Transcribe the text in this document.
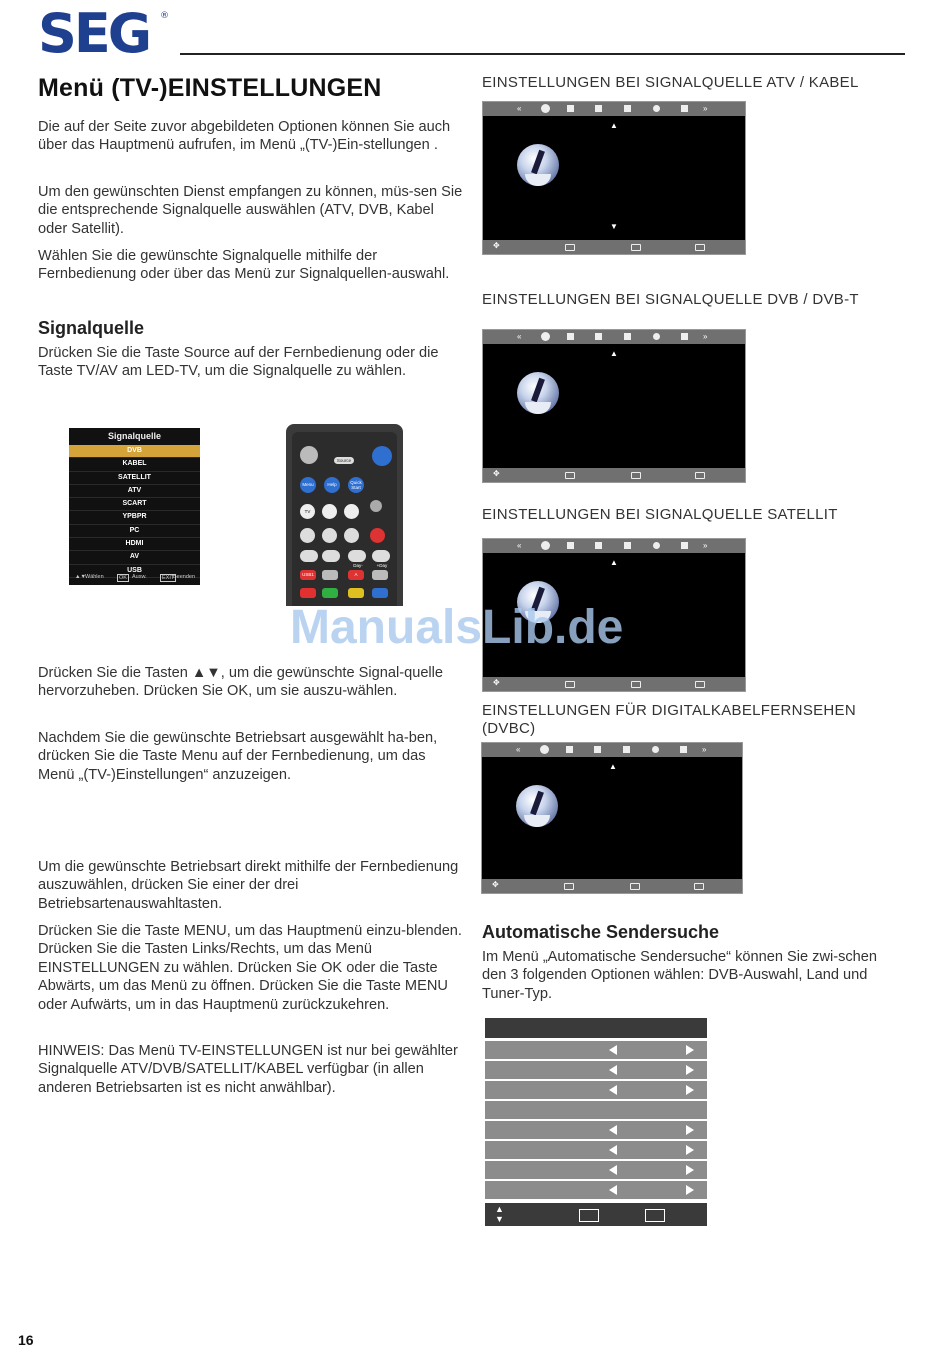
SEG ®
Menü (TV-)EINSTELLUNGEN

Die auf der Seite zuvor abgebildeten Optionen können Sie auch über das Hauptmenü aufrufen, im Menü „(TV-)Ein-stellungen .

Um den gewünschten Dienst empfangen zu können, müs-sen Sie die entsprechende Signalquelle auswählen (ATV, DVB, Kabel oder Satellit).

Wählen Sie die gewünschte Signalquelle mithilfe der Fernbedienung oder über das Menü zur Signalquellen-auswahl.

Signalquelle

Drücken Sie die Taste Source auf der Fernbedienung oder die Taste TV/AV am LED-TV, um die Signalquelle zu wählen.

Signalquelle
DVB
KABEL
SATELLIT
ATV
SCART
YPBPR
PC
HDMI
AV
USB
▲▼ Wählen	OK Ausw.	EXIT
Beenden
Source
Menu	Help	Quick Start
TV
Day-	+Day
USB1	A

Drücken Sie die Tasten ▲▼, um die gewünschte Signal-quelle hervorzuheben. Drücken Sie OK, um sie auszu-wählen.

Nachdem Sie die gewünschte Betriebsart ausgewählt ha-ben, drücken Sie die Taste Menu auf der Fernbedienung, um das Menü „(TV-)Einstellungen“ anzuzeigen.

Um die gewünschte Betriebsart direkt mithilfe der Fernbedienung auszuwählen, drücken Sie einer der drei Betriebsartenauswahltasten.

Drücken Sie die Taste MENU, um das Hauptmenü einzu-blenden. Drücken Sie die Tasten Links/Rechts, um das Menü EINSTELLUNGEN zu wählen. Drücken Sie OK oder die Taste Abwärts, um das Menü zu öffnen. Drücken Sie die Taste MENU oder Aufwärts, um in das Hauptmenü zurückzukehren.

HINWEIS: Das Menü TV-EINSTELLUNGEN ist nur bei gewählter Signalquelle ATV/DVB/SATELLIT/KABEL verfügbar (in allen anderen Betriebsarten ist es nicht anwählbar).

EINSTELLUNGEN BEI SIGNALQUELLE ATV / KABEL

«	»
▲
▼
✥

EINSTELLUNGEN BEI SIGNALQUELLE DVB / DVB-T

«	»
▲
✥

EINSTELLUNGEN BEI SIGNALQUELLE SATELLIT

«	»
▲
✥

EINSTELLUNGEN FÜR DIGITALKABELFERNSEHEN (DVBC)

«	»
▲
✥
Automatische Sendersuche

Im Menü „Automatische Sendersuche“ können Sie zwi-schen den 3 folgenden Optionen wählen: DVB-Auswahl, Land und Tuner-Typ.

▲
▼
ManualsLib.de
16
